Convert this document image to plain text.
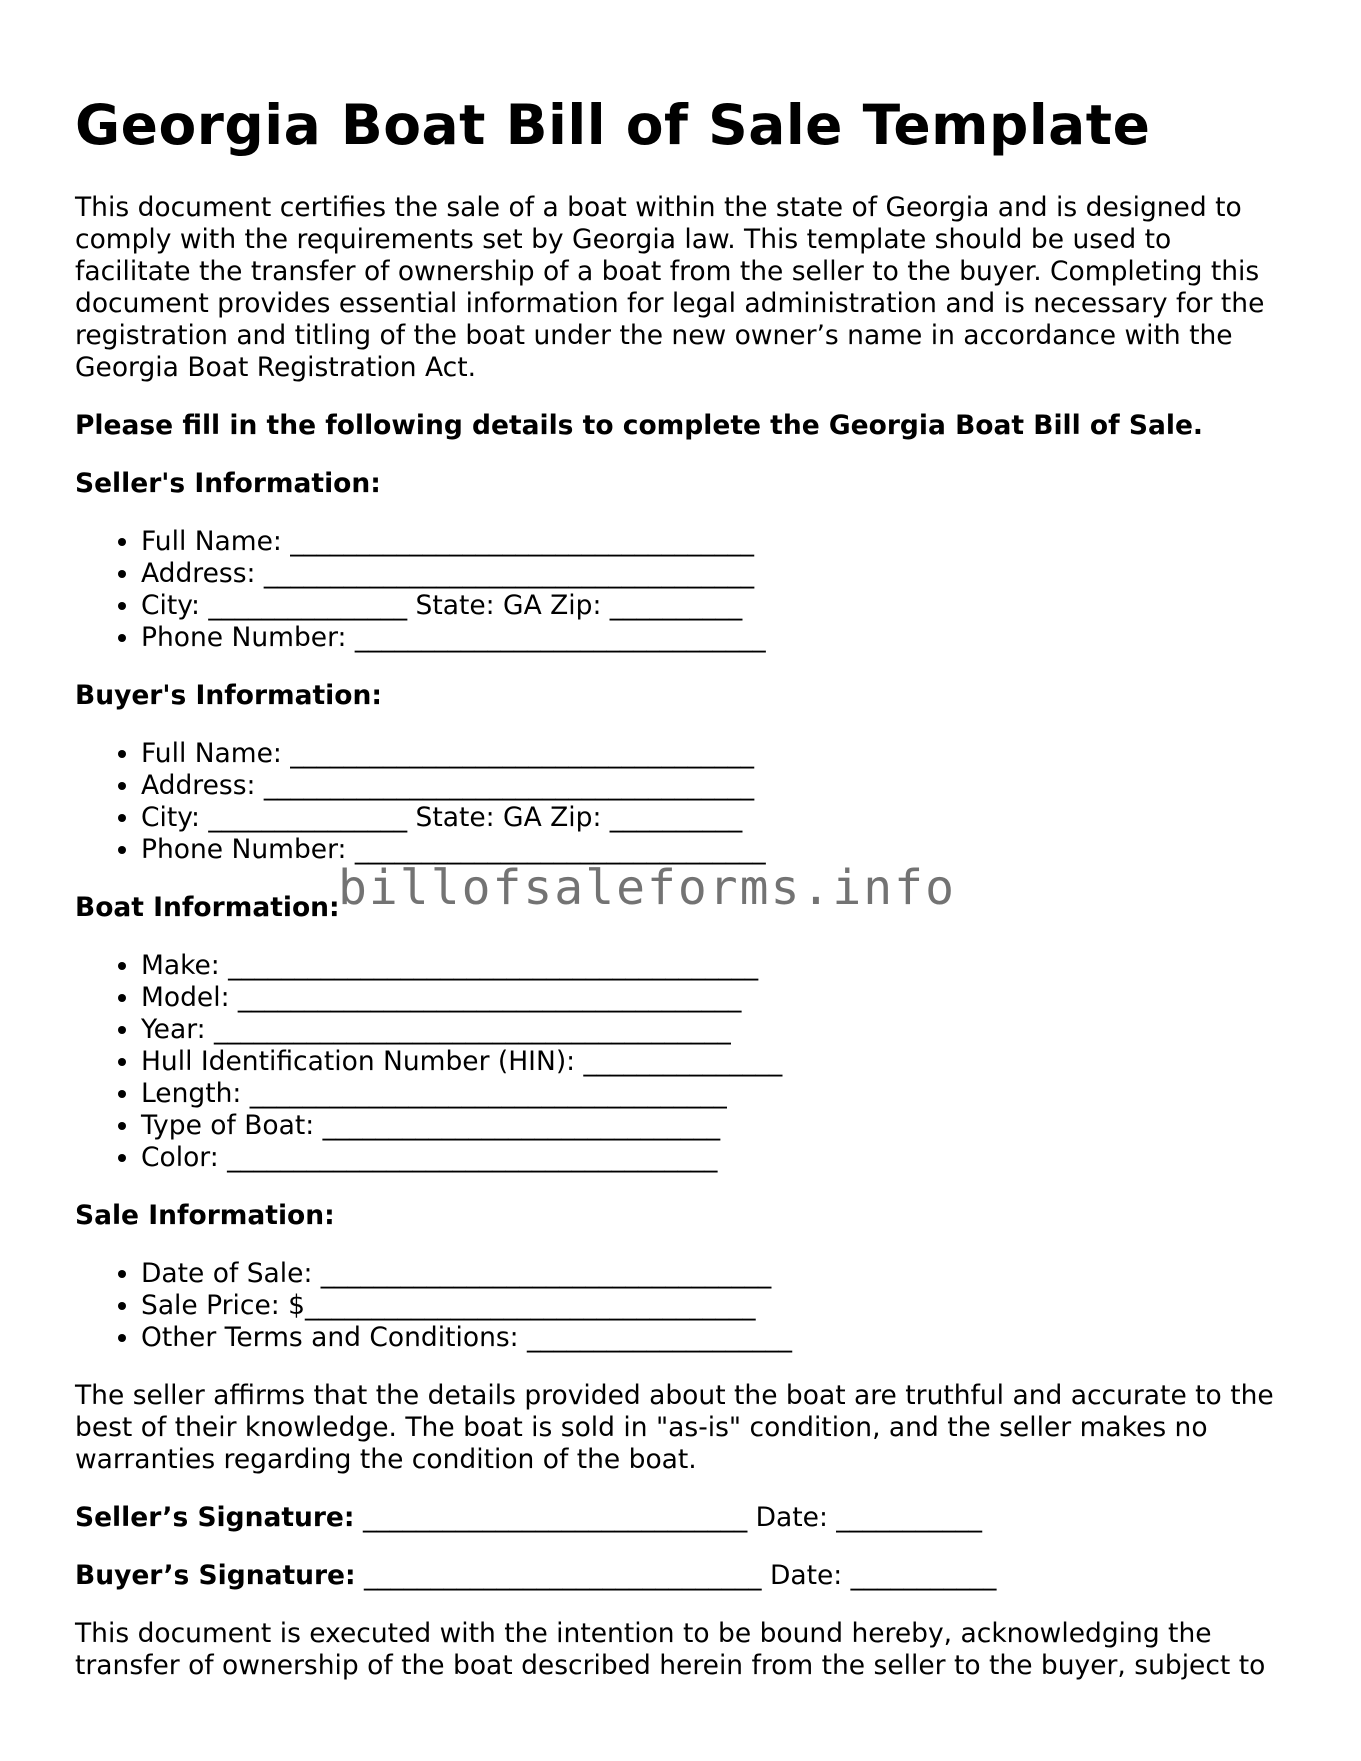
Georgia Boat Bill of Sale Template

This document certifies the sale of a boat within the state of Georgia and is designed to comply with the requirements set by Georgia law. This template should be used to facilitate the transfer of ownership of a boat from the seller to the buyer. Completing this document provides essential information for legal administration and is necessary for the registration and titling of the boat under the new owner’s name in accordance with the Georgia Boat Registration Act.

Please fill in the following details to complete the Georgia Boat Bill of Sale.

Seller's Information:
• Full Name: ___________________________________
• Address: _____________________________________
• City: _______________ State: GA Zip: __________
• Phone Number: _______________________________
Buyer's Information:
• Full Name: ___________________________________
• Address: _____________________________________
• City: _______________ State: GA Zip: __________
• Phone Number: _______________________________
Boat Information:
• Make: ________________________________________
• Model: ______________________________________
• Year: _______________________________________
• Hull Identification Number (HIN): _______________
• Length: ____________________________________
• Type of Boat: ______________________________
• Color: _____________________________________
Sale Information:
• Date of Sale: __________________________________
• Sale Price: $__________________________________
• Other Terms and Conditions: ____________________

The seller affirms that the details provided about the boat are truthful and accurate to the best of their knowledge. The boat is sold in "as-is" condition, and the seller makes no warranties regarding the condition of the boat.

Seller’s Signature: _____________________________ Date: ___________

Buyer’s Signature: ______________________________ Date: ___________

This document is executed with the intention to be bound hereby, acknowledging the transfer of ownership of the boat described herein from the seller to the buyer, subject to

billofsaleforms.info
